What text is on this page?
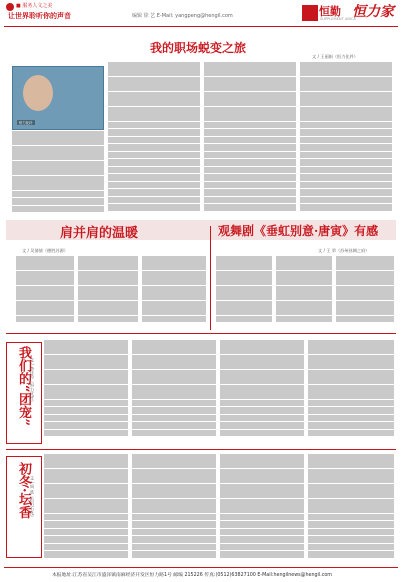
■ 服务人文之美
让世界聆听你的声音	编辑 徐 艺 E-Mail: yangpeng@hengil.com	恒勤
SUPPLEMENT ABICA
恒力家
我的职场蜕变之旅
文 / 王丽娟（恒力化纤）
恒力化纤
肩并肩的温暖
文 / 吴倩倩（德胜苏源）
观舞剧《垂虹别意·唐寅》有感
文 / 王 翠（苏州丝绸之府）
我们的“团宠” 文 / 李佳玲（恒力化纤）
初冬·坛香 文 / 周 欣（恒力石化）
本报地址:江苏省吴江市盛泽镇南麻经济开发区恒力路1号 邮编 215226 传真:(0512)63827100 E-Mail:hengilnews@hengil.com
